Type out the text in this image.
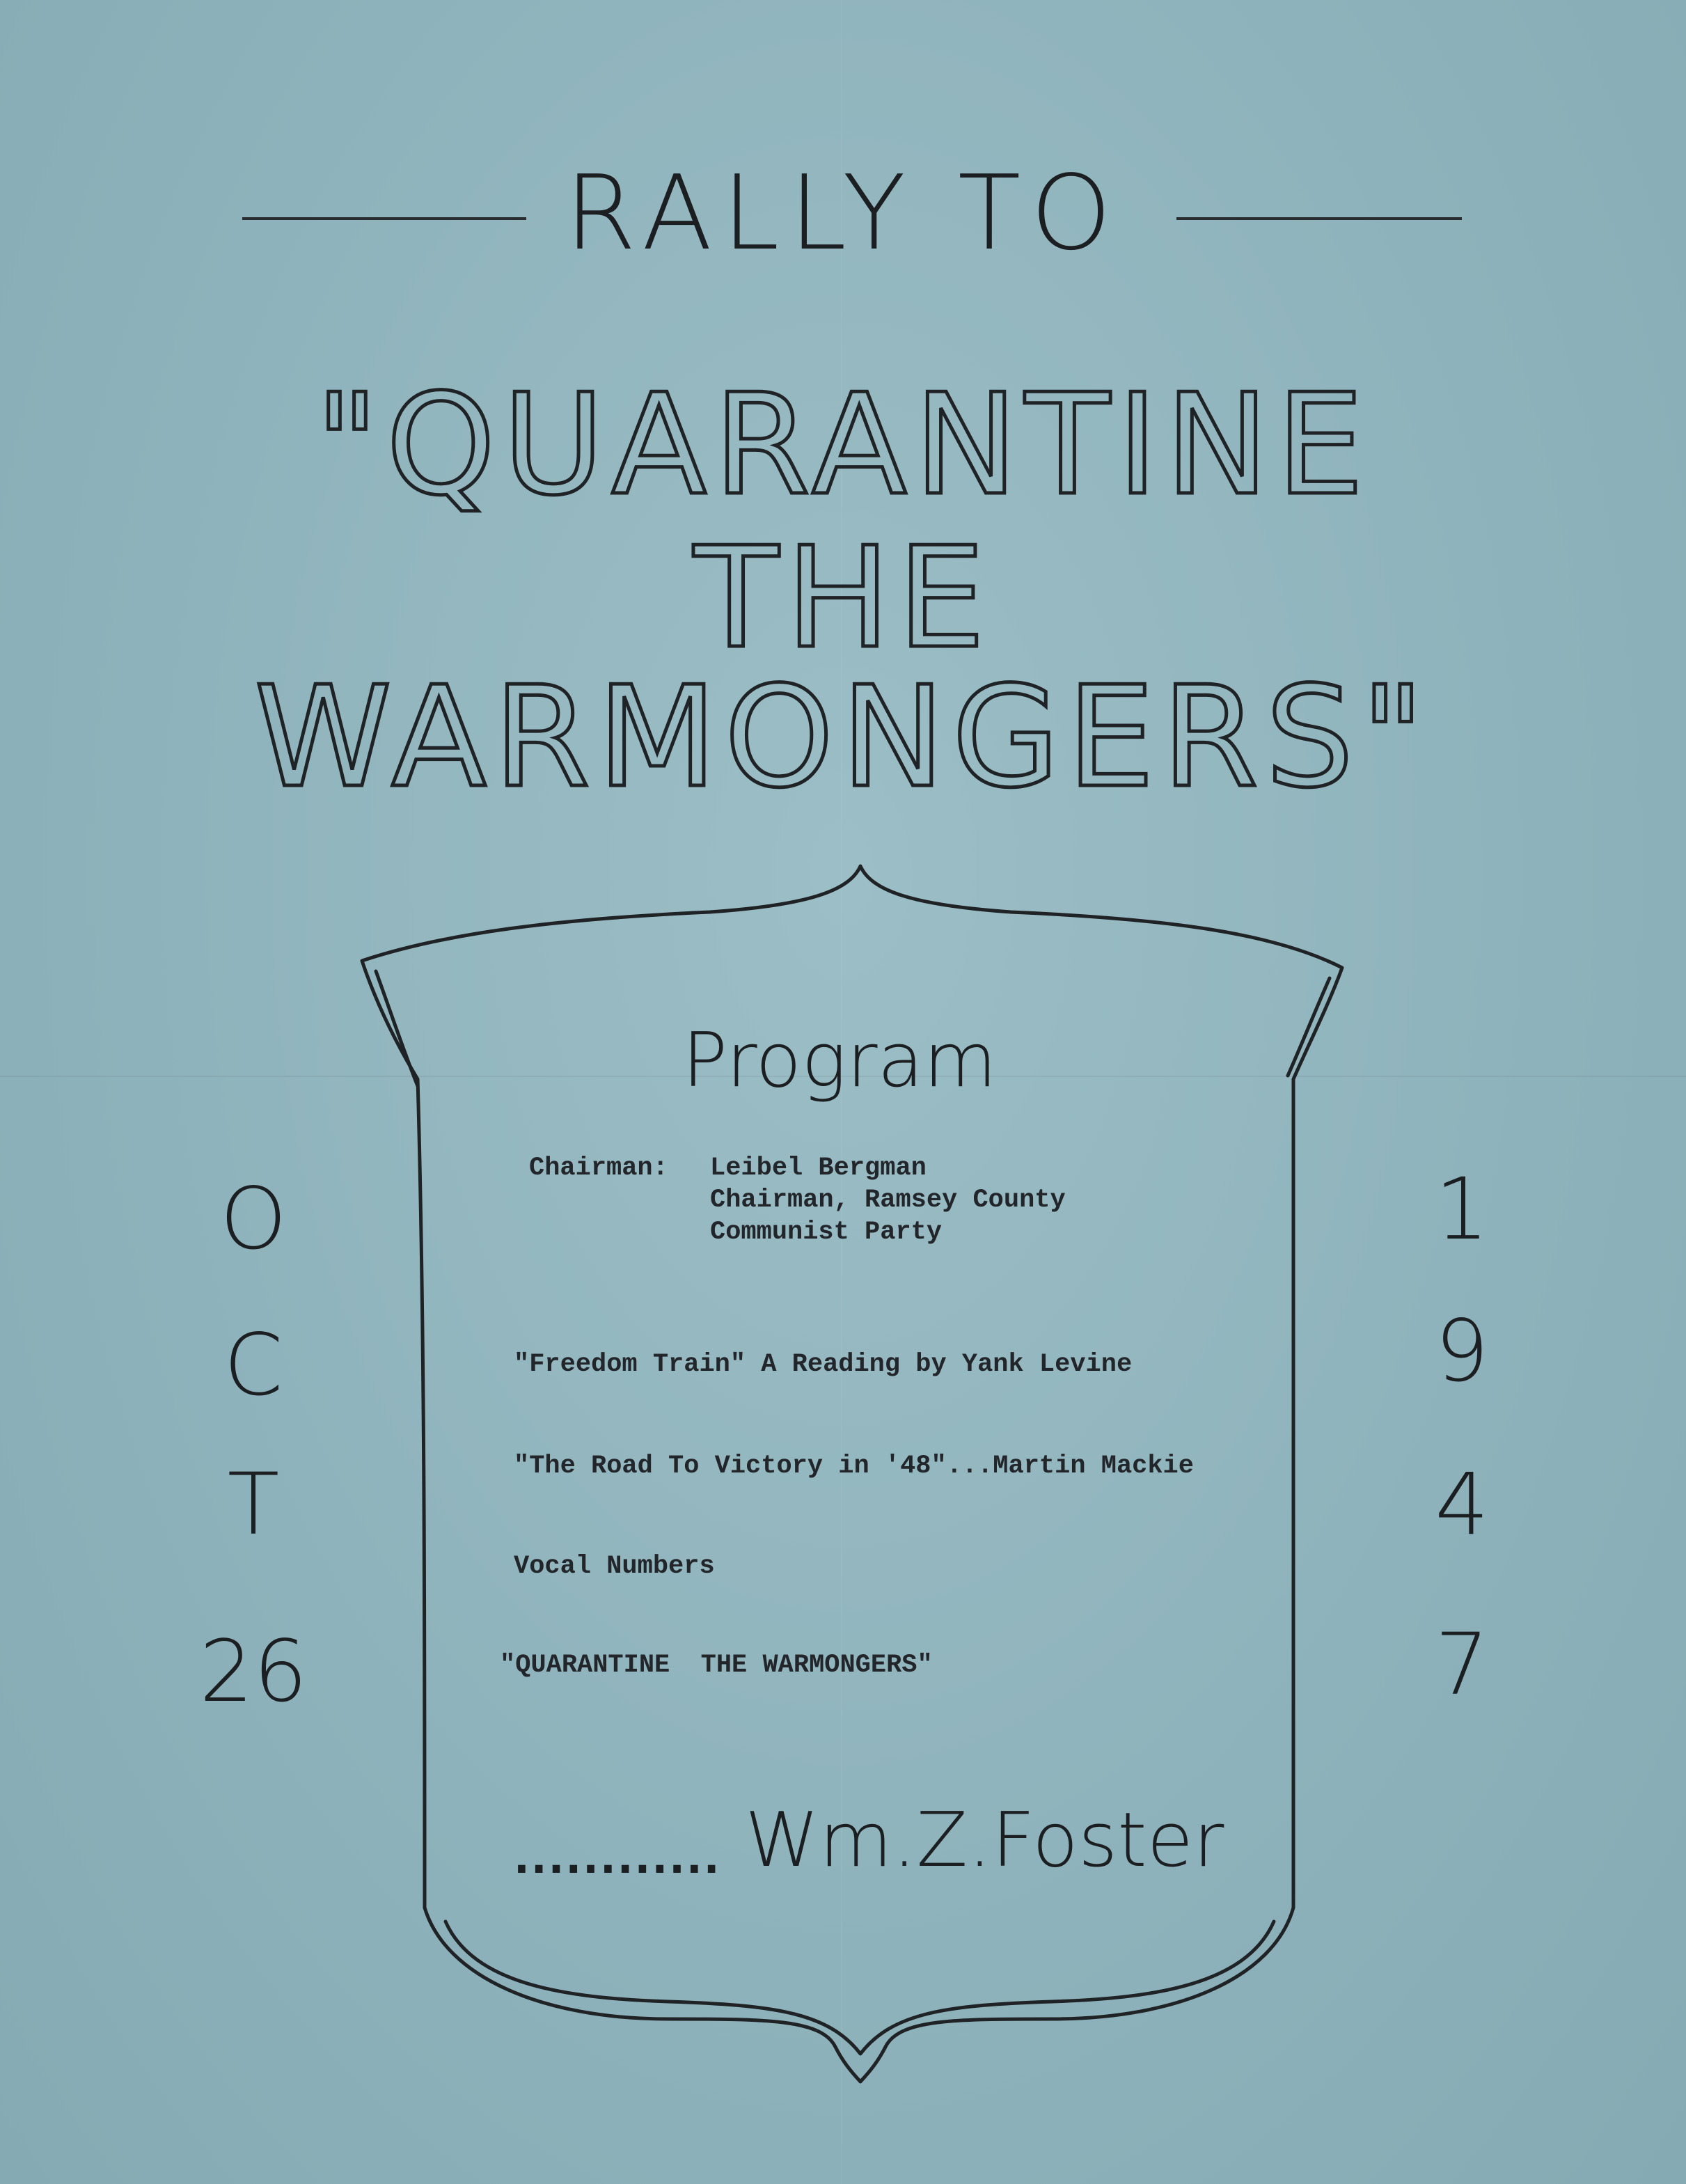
RALLY TO
"QUARANTINE
THE
WARMONGERS"
Program
Chairman: Leibel Bergman
Chairman, Ramsey County
Communist Party
"Freedom Train" A Reading by Yank Levine
"The Road To Victory in '48"...Martin Mackie
Vocal Numbers
"QUARANTINE  THE WARMONGERS"
............ Wm.Z.Foster
O
C
T
26
1
9
4
7
